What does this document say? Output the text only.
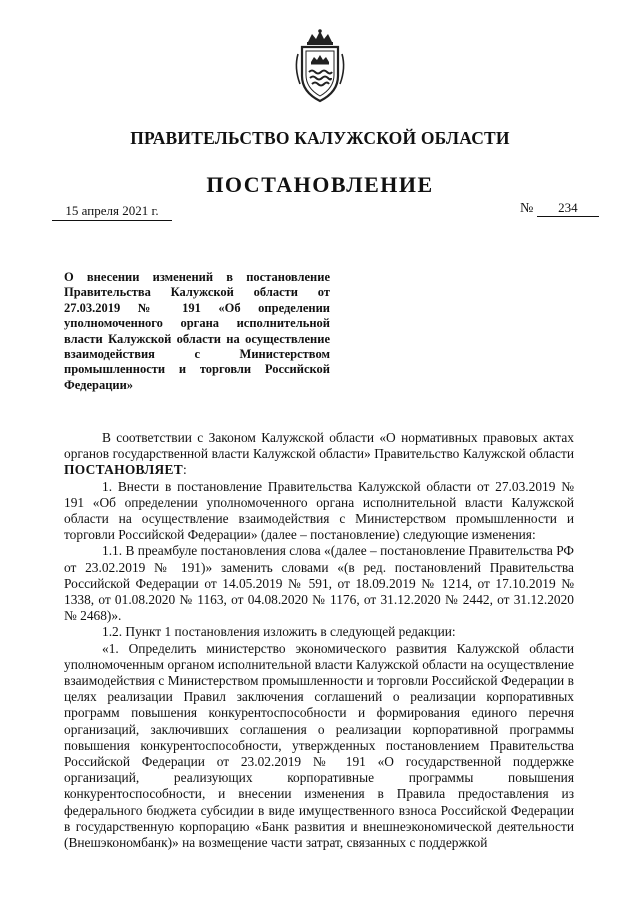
ПРАВИТЕЛЬСТВО КАЛУЖСКОЙ ОБЛАСТИ
ПОСТАНОВЛЕНИЕ
15 апреля 2021 г.	№ 234
О внесении изменений в постановление Правительства Калужской области от 27.03.2019 № 191 «Об определении уполномоченного органа исполнительной власти Калужской области на осуществление взаимодействия с Министерством промышленности и торговли Российской Федерации»

В соответствии с Законом Калужской области «О нормативных правовых актах органов государственной власти Калужской области» Правительство Калужской области ПОСТАНОВЛЯЕТ:

1. Внести в постановление Правительства Калужской области от 27.03.2019 № 191 «Об определении уполномоченного органа исполнительной власти Калужской области на осуществление взаимодействия с Министерством промышленности и торговли Российской Федерации» (далее – постановление) следующие изменения:

1.1. В преамбуле постановления слова «(далее – постановление Правительства РФ от 23.02.2019 № 191)» заменить словами «(в ред. постановлений Правительства Российской Федерации от 14.05.2019 № 591, от 18.09.2019 № 1214, от 17.10.2019 № 1338, от 01.08.2020 № 1163, от 04.08.2020 № 1176, от 31.12.2020 № 2442, от 31.12.2020 № 2468)».

1.2. Пункт 1 постановления изложить в следующей редакции:

«1. Определить министерство экономического развития Калужской области уполномоченным органом исполнительной власти Калужской области на осуществление взаимодействия с Министерством промышленности и торговли Российской Федерации в целях реализации Правил заключения соглашений о реализации корпоративных программ повышения конкурентоспособности и формирования единого перечня организаций, заключивших соглашения о реализации корпоративной программы повышения конкурентоспособности, утвержденных постановлением Правительства Российской Федерации от 23.02.2019 № 191 «О государственной поддержке организаций, реализующих корпоративные программы повышения конкурентоспособности, и внесении изменения в Правила предоставления из федерального бюджета субсидии в виде имущественного взноса Российской Федерации в государственную корпорацию «Банк развития и внешнеэкономической деятельности (Внешэкономбанк)» на возмещение части затрат, связанных с поддержкой
